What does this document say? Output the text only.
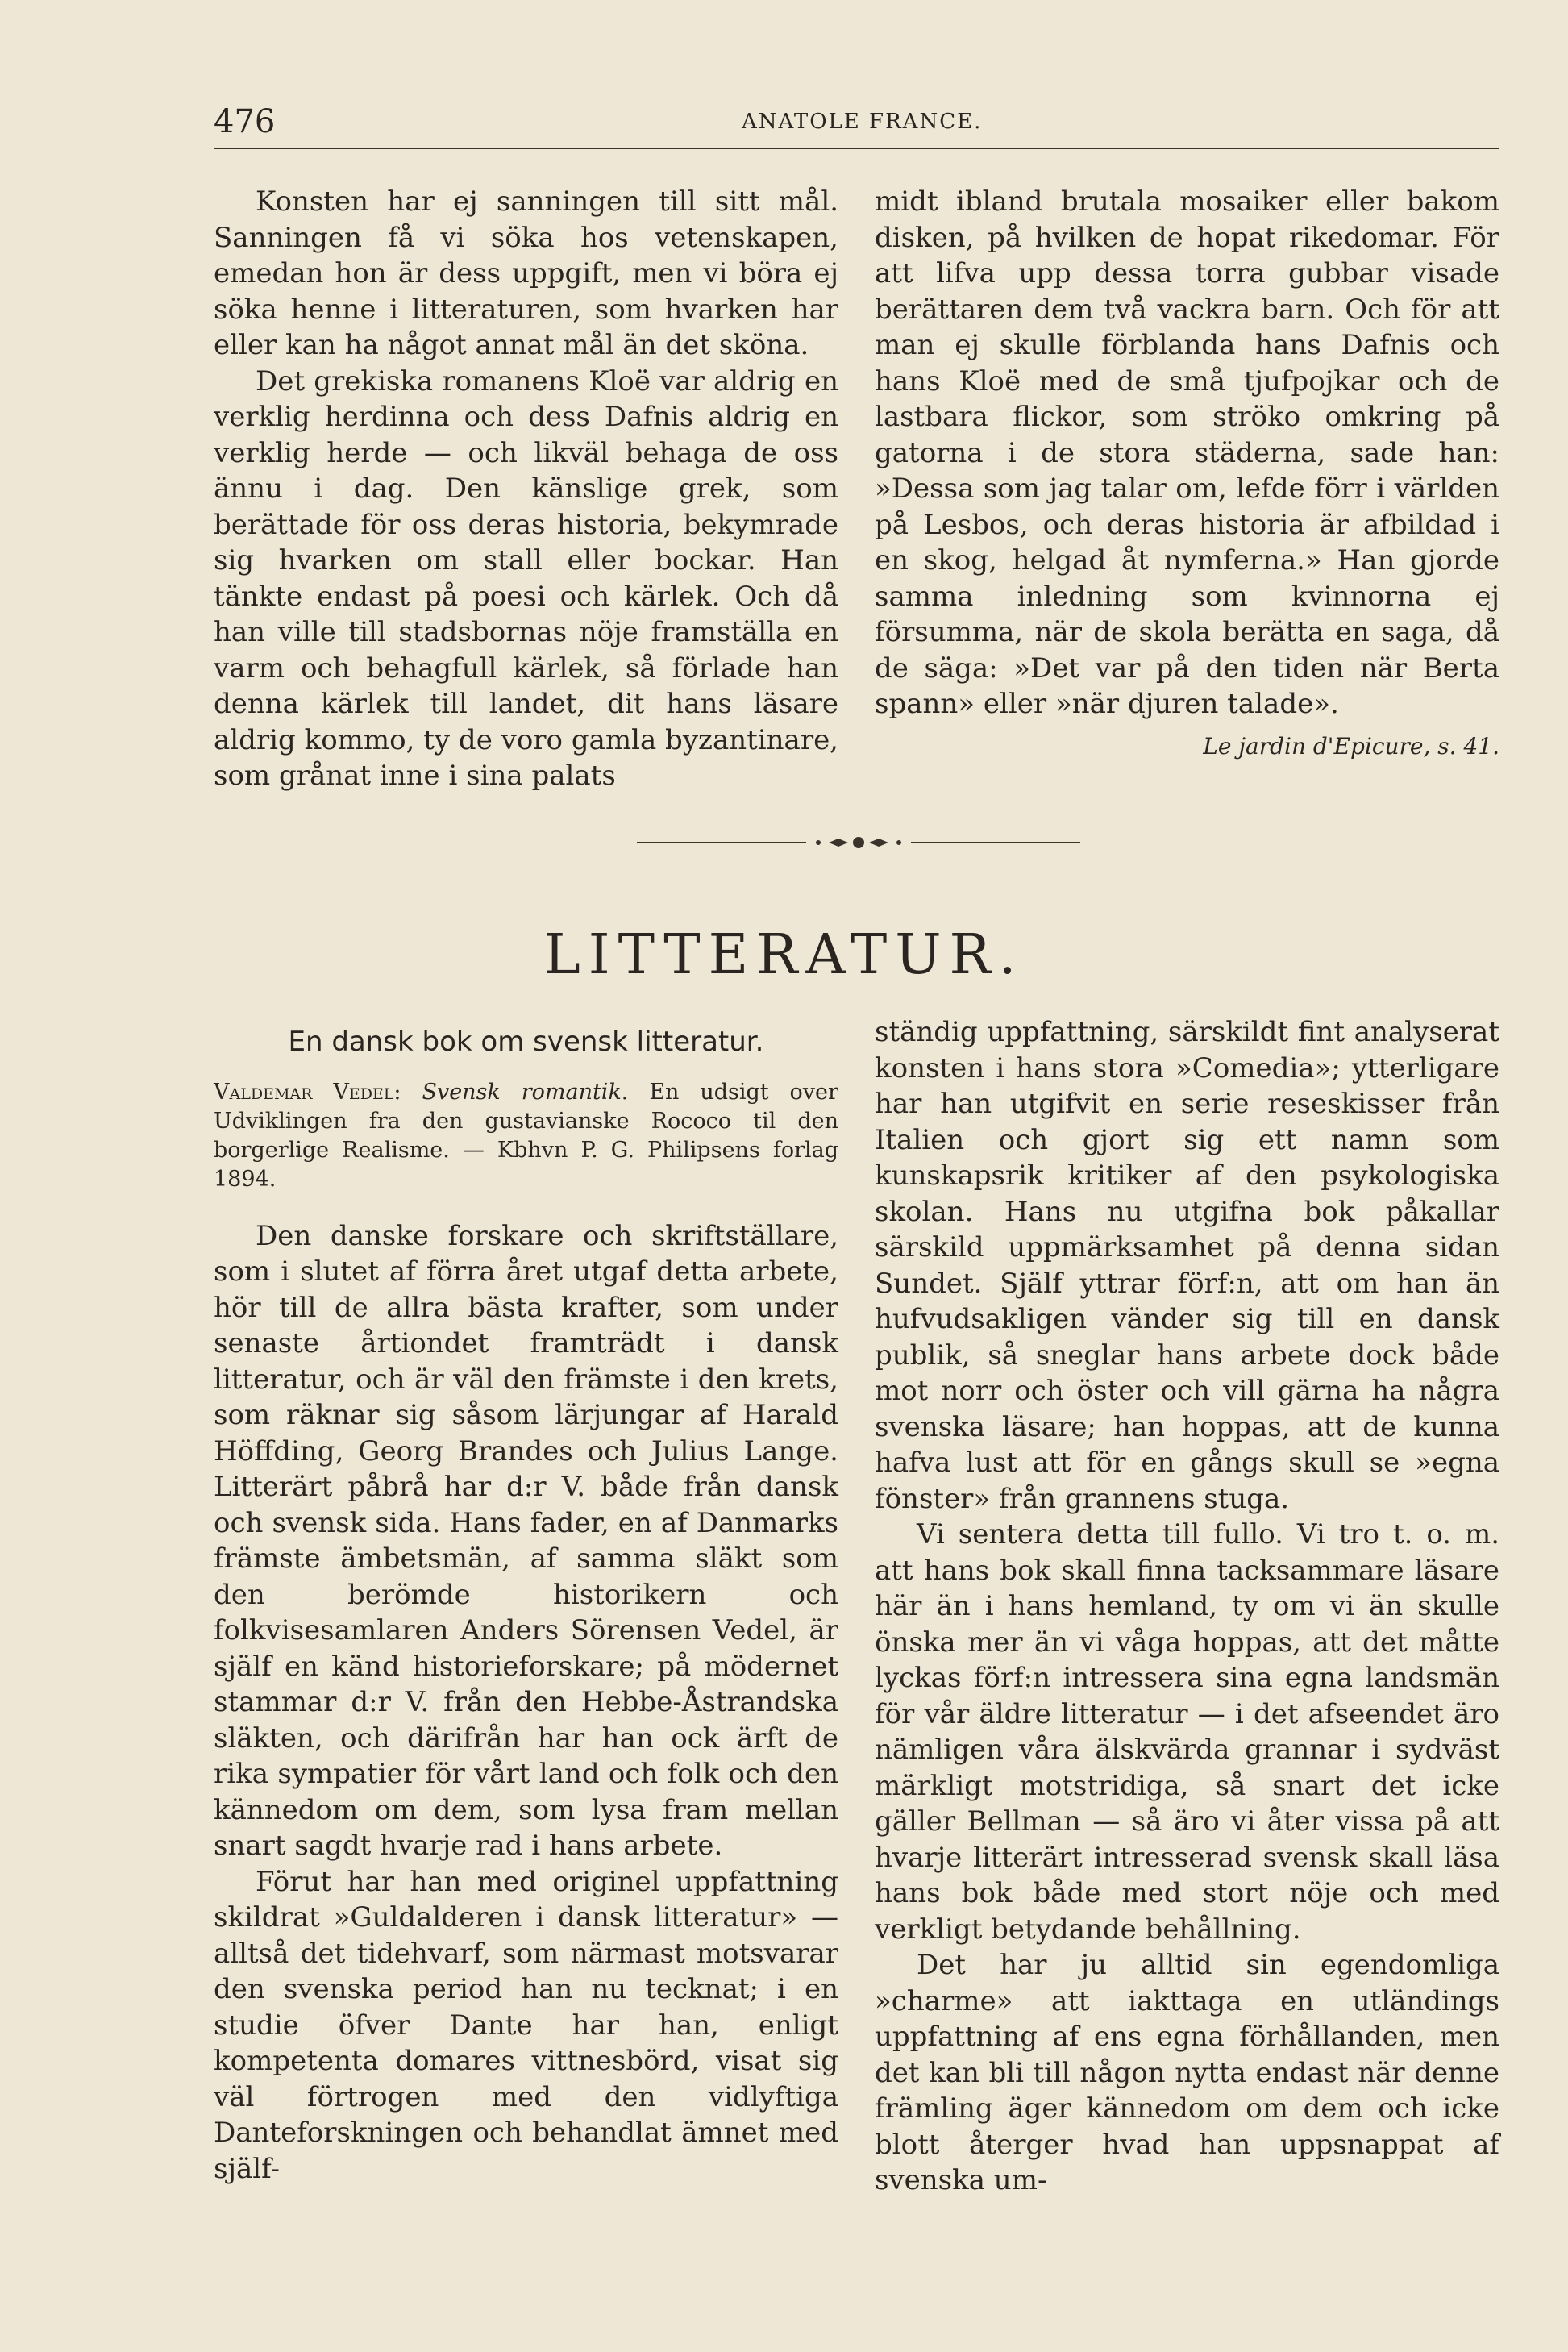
476	ANATOLE FRANCE.

Konsten har ej sanningen till sitt mål. Sanningen få vi söka hos vetenskapen, emedan hon är dess uppgift, men vi böra ej söka henne i litteraturen, som hvarken har eller kan ha något annat mål än det sköna.

Det grekiska romanens Kloë var aldrig en verklig herdinna och dess Dafnis aldrig en verklig herde — och likväl behaga de oss ännu i dag. Den känslige grek, som berättade för oss deras historia, bekymrade sig hvarken om stall eller bockar. Han tänkte endast på poesi och kärlek. Och då han ville till stadsbornas nöje framställa en varm och behagfull kärlek, så förlade han denna kärlek till landet, dit hans läsare aldrig kommo, ty de voro gamla byzantinare, som grånat inne i sina palats

midt ibland brutala mosaiker eller bakom disken, på hvilken de hopat rikedomar. För att lifva upp dessa torra gubbar visade berättaren dem två vackra barn. Och för att man ej skulle förblanda hans Dafnis och hans Kloë med de små tjufpojkar och de lastbara flickor, som ströko omkring på gatorna i de stora städerna, sade han: »Dessa som jag talar om, lefde förr i världen på Lesbos, och deras historia är afbildad i en skog, helgad åt nymferna.» Han gjorde samma inledning som kvinnorna ej försumma, när de skola berätta en saga, då de säga: »Det var på den tiden när Berta spann» eller »när djuren talade».

Le jardin d'Epicure, s. 41.
LITTERATUR.
En dansk bok om svensk litteratur.
Valdemar Vedel: Svensk romantik. En udsigt over Udviklingen fra den gustavianske Rococo til den borgerlige Realisme. — Kbhvn P. G. Philipsens forlag 1894.

Den danske forskare och skriftställare, som i slutet af förra året utgaf detta arbete, hör till de allra bästa krafter, som under senaste årtiondet framträdt i dansk litteratur, och är väl den främste i den krets, som räknar sig såsom lärjungar af Harald Höffding, Georg Brandes och Julius Lange. Litterärt påbrå har d:r V. både från dansk och svensk sida. Hans fader, en af Danmarks främste ämbetsmän, af samma släkt som den berömde historikern och folkvisesamlaren Anders Sörensen Vedel, är själf en känd historieforskare; på mödernet stammar d:r V. från den Hebbe-Åstrandska släkten, och därifrån har han ock ärft de rika sympatier för vårt land och folk och den kännedom om dem, som lysa fram mellan snart sagdt hvarje rad i hans arbete.

Förut har han med originel uppfattning skildrat »Guldalderen i dansk litteratur» — alltså det tidehvarf, som närmast motsvarar den svenska period han nu tecknat; i en studie öfver Dante har han, enligt kompetenta domares vittnesbörd, visat sig väl förtrogen med den vidlyftiga Danteforskningen och behandlat ämnet med själf-

ständig uppfattning, särskildt fint analyserat konsten i hans stora »Comedia»; ytterligare har han utgifvit en serie reseskisser från Italien och gjort sig ett namn som kunskapsrik kritiker af den psykologiska skolan. Hans nu utgifna bok påkallar särskild uppmärksamhet på denna sidan Sundet. Själf yttrar förf:n, att om han än hufvudsakligen vänder sig till en dansk publik, så sneglar hans arbete dock både mot norr och öster och vill gärna ha några svenska läsare; han hoppas, att de kunna hafva lust att för en gångs skull se »egna fönster» från grannens stuga.

Vi sentera detta till fullo. Vi tro t. o. m. att hans bok skall finna tacksammare läsare här än i hans hemland, ty om vi än skulle önska mer än vi våga hoppas, att det måtte lyckas förf:n intressera sina egna landsmän för vår äldre litteratur — i det afseendet äro nämligen våra älskvärda grannar i sydväst märkligt motstridiga, så snart det icke gäller Bellman — så äro vi åter vissa på att hvarje litterärt intresserad svensk skall läsa hans bok både med stort nöje och med verkligt betydande behållning.

Det har ju alltid sin egendomliga »charme» att iakttaga en utländings uppfattning af ens egna förhållanden, men det kan bli till någon nytta endast när denne främling äger kännedom om dem och icke blott återger hvad han uppsnappat af svenska um-
